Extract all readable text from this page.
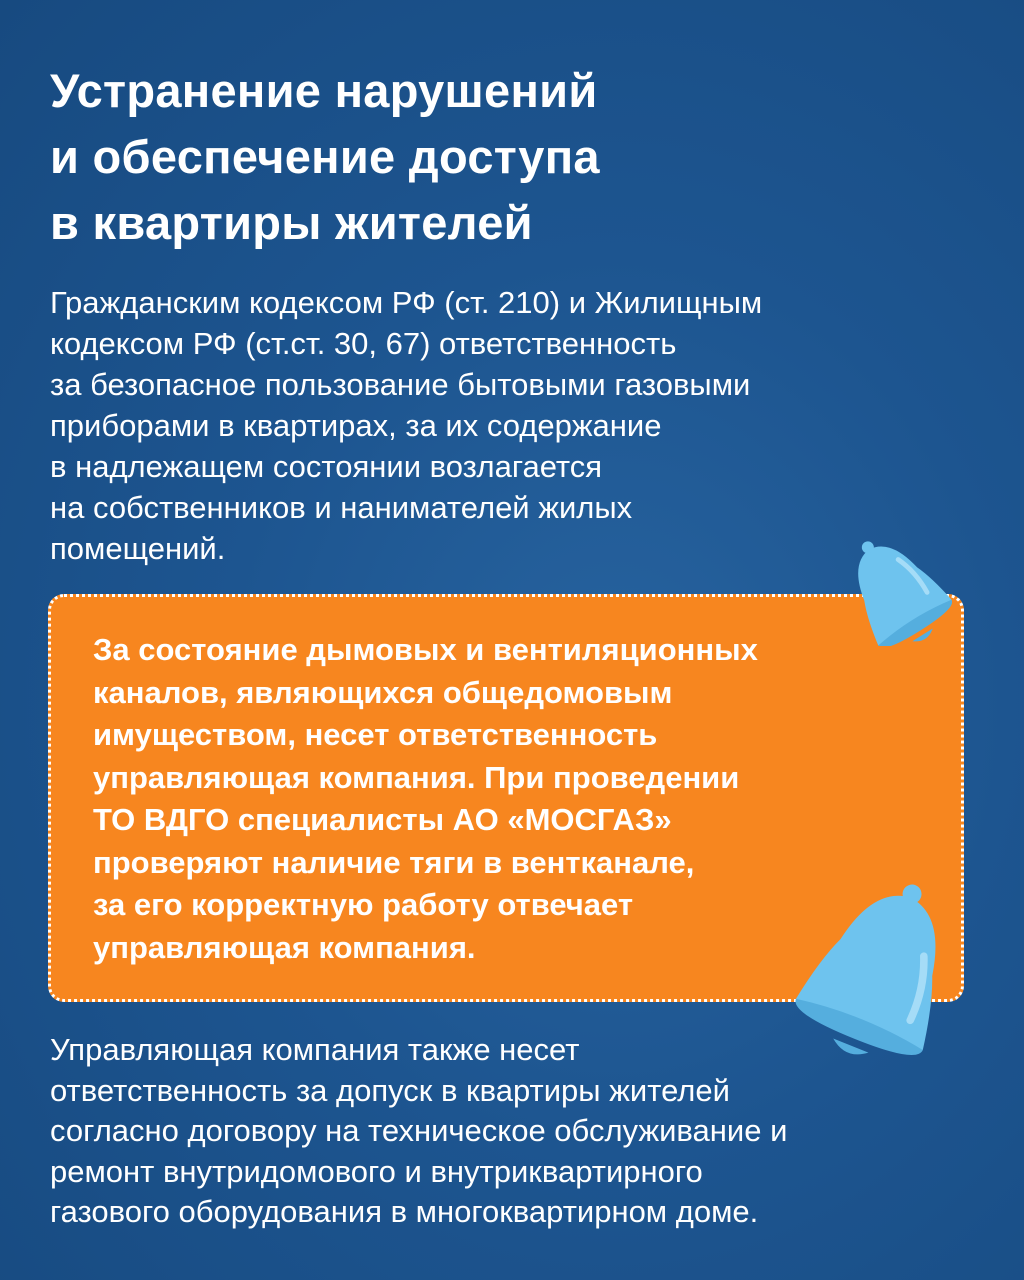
Устранение нарушений
и обеспечение доступа
в квартиры жителей

Гражданским кодексом РФ (ст. 210) и Жилищным
кодексом РФ (ст.ст. 30, 67) ответственность
за безопасное пользование бытовыми газовыми
приборами в квартирах, за их содержание
в надлежащем состоянии возлагается
на собственников и нанимателей жилых
помещений.

За состояние дымовых и вентиляционных
каналов, являющихся общедомовым
имуществом, несет ответственность
управляющая компания. При проведении
ТО ВДГО специалисты АО «МОСГАЗ»
проверяют наличие тяги в вентканале,
за его корректную работу отвечает
управляющая компания.

Управляющая компания также несет
ответственность за допуск в квартиры жителей
согласно договору на техническое обслуживание и
ремонт внутридомового и внутриквартирного
газового оборудования в многоквартирном доме.
